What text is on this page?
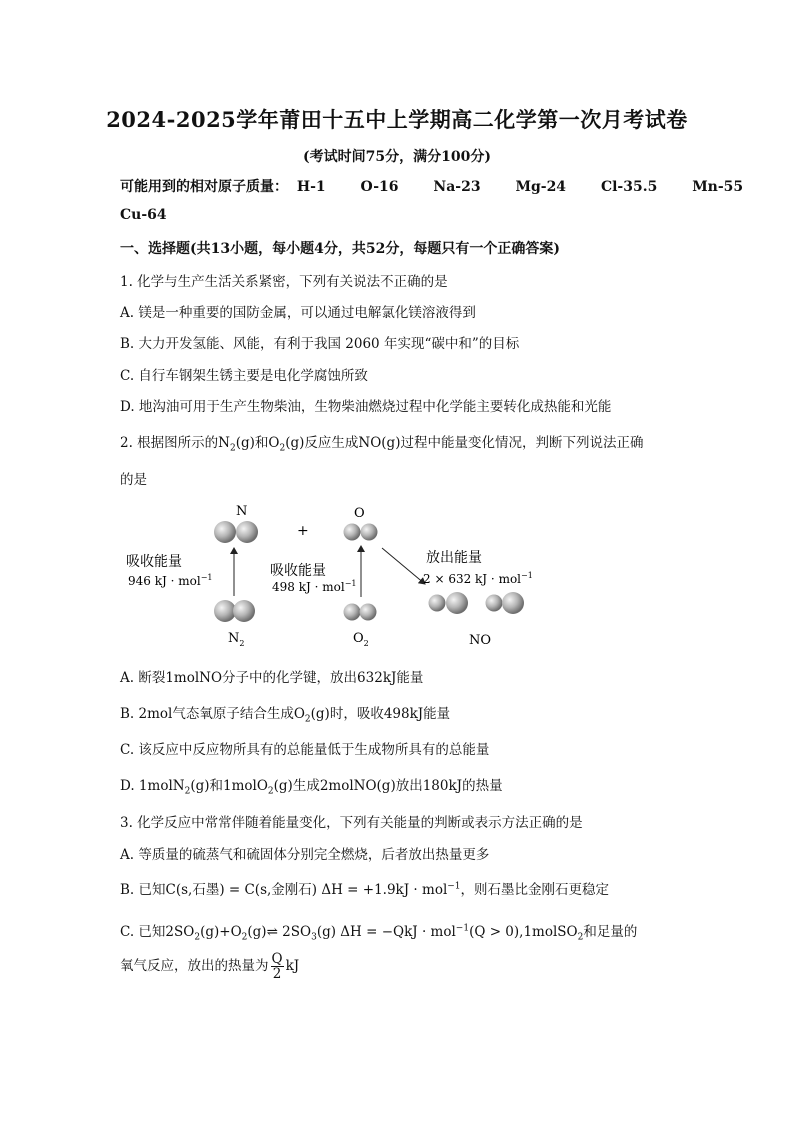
2024-2025学年莆田十五中上学期高二化学第一次月考试卷
(考试时间75分，满分100分)
可能用到的相对原子质量： H-1 O-16 Na-23 Mg-24 Cl-35.5 Mn-55
Cu-64
一、选择题(共13小题，每小题4分，共52分，每题只有一个正确答案)
1. 化学与生产生活关系紧密，下列有关说法不正确的是
A. 镁是一种重要的国防金属，可以通过电解氯化镁溶液得到
B. 大力开发氢能、风能，有利于我国 2060 年实现“碳中和”的目标
C. 自行车钢架生锈主要是电化学腐蚀所致
D. 地沟油可用于生产生物柴油，生物柴油燃烧过程中化学能主要转化成热能和光能
2. 根据图所示的$N_2(g)$和$O_2(g)$反应生成NO(g)过程中能量变化情况，判断下列说法正确
的是
N
+
O
吸收能量
946 kJ · mol$^{-1}$	吸收能量
498 kJ · mol$^{-1}$
放出能量
2 × 632 kJ · mol$^{-1}$
$N_2$	$O_2$	NO
A. 断裂1molNO分子中的化学键，放出632kJ能量
B. 2mol气态氧原子结合生成$O_2(g)$时，吸收498kJ能量
C. 该反应中反应物所具有的总能量低于生成物所具有的总能量
D. 1molN$_2$(g)和1molO$_2$(g)生成2molNO(g)放出180kJ的热量
3. 化学反应中常常伴随着能量变化，下列有关能量的判断或表示方法正确的是
A. 等质量的硫蒸气和硫固体分别完全燃烧，后者放出热量更多
B. 已知C(s,石墨) = C(s,金刚石) ΔH = +1.9kJ · mol$^{-1}$，则石墨比金刚石更稳定
C. 已知$2SO_2(g)+O_2(g)\rightleftharpoons$ $2SO_3(g) \Delta H = -QkJ \cdot mol^{-1}(Q$ > 0),1molSO$_2$和足量的
氧气反应，放出的热量为 $\frac{Q}{2}$ kJ
